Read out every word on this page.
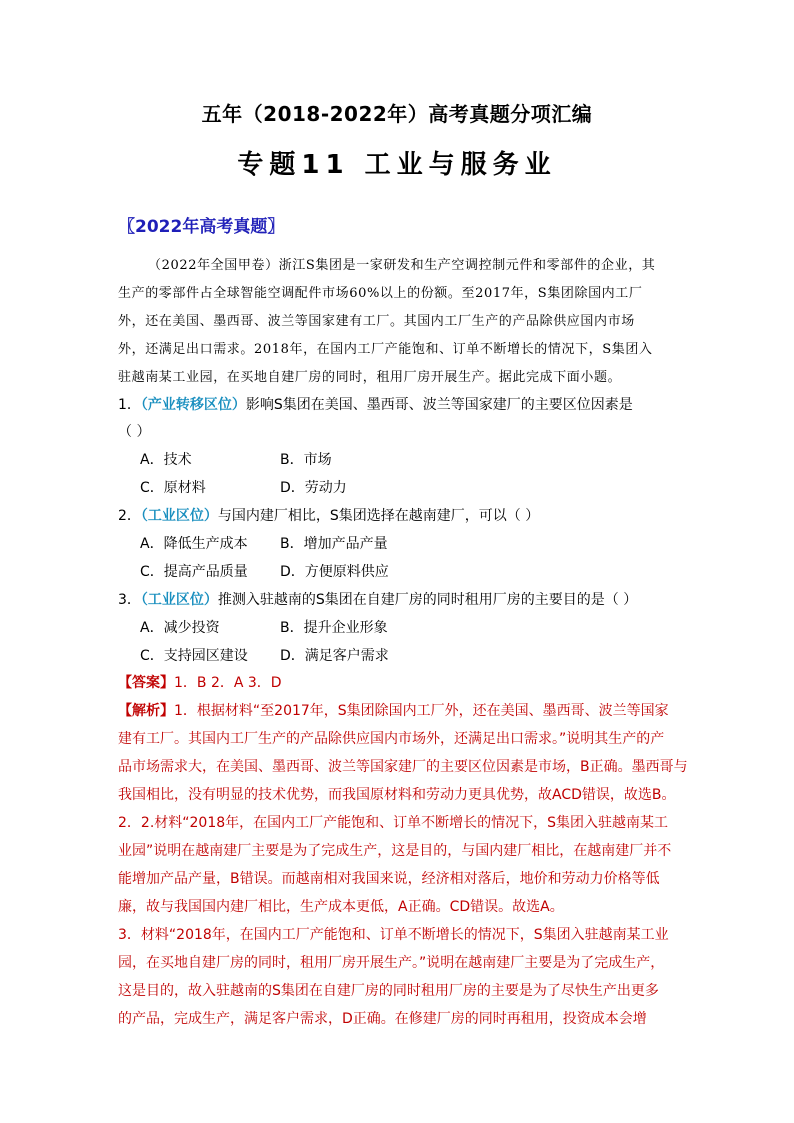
五年（2018-2022年）高考真题分项汇编
专题11 工业与服务业
〖2022年高考真题〗
（2022年全国甲卷）浙江S集团是一家研发和生产空调控制元件和零部件的企业，其
生产的零部件占全球智能空调配件市场60%以上的份额。至2017年，S集团除国内工厂
外，还在美国、墨西哥、波兰等国家建有工厂。其国内工厂生产的产品除供应国内市场
外，还满足出口需求。2018年，在国内工厂产能饱和、订单不断增长的情况下，S集团入
驻越南某工业园，在买地自建厂房的同时，租用厂房开展生产。据此完成下面小题。
1．（产业转移区位）影响S集团在美国、墨西哥、波兰等国家建厂的主要区位因素是
（ ）
A．技术	B．市场
C．原材料	D．劳动力
2．（工业区位）与国内建厂相比，S集团选择在越南建厂，可以（ ）
A．降低生产成本 B．增加产品产量
C．提高产品质量 D．方便原料供应
3．（工业区位）推测入驻越南的S集团在自建厂房的同时租用厂房的主要目的是（ ）
A．减少投资	B．提升企业形象
C．支持园区建设 D．满足客户需求
【答案】1．B 2．A 3．D
【解析】1．根据材料“至2017年，S集团除国内工厂外，还在美国、墨西哥、波兰等国家
建有工厂。其国内工厂生产的产品除供应国内市场外，还满足出口需求。”说明其生产的产
品市场需求大，在美国、墨西哥、波兰等国家建厂的主要区位因素是市场，B正确。墨西哥与
我国相比，没有明显的技术优势，而我国原材料和劳动力更具优势，故ACD错误，故选B。
2．2.材料“2018年，在国内工厂产能饱和、订单不断增长的情况下，S集团入驻越南某工
业园”说明在越南建厂主要是为了完成生产，这是目的，与国内建厂相比，在越南建厂并不
能增加产品产量，B错误。而越南相对我国来说，经济相对落后，地价和劳动力价格等低
廉，故与我国国内建厂相比，生产成本更低，A正确。CD错误。故选A。
3．材料“2018年，在国内工厂产能饱和、订单不断增长的情况下，S集团入驻越南某工业
园，在买地自建厂房的同时，租用厂房开展生产。”说明在越南建厂主要是为了完成生产，
这是目的，故入驻越南的S集团在自建厂房的同时租用厂房的主要是为了尽快生产出更多
的产品，完成生产，满足客户需求，D正确。在修建厂房的同时再租用，投资成本会增
